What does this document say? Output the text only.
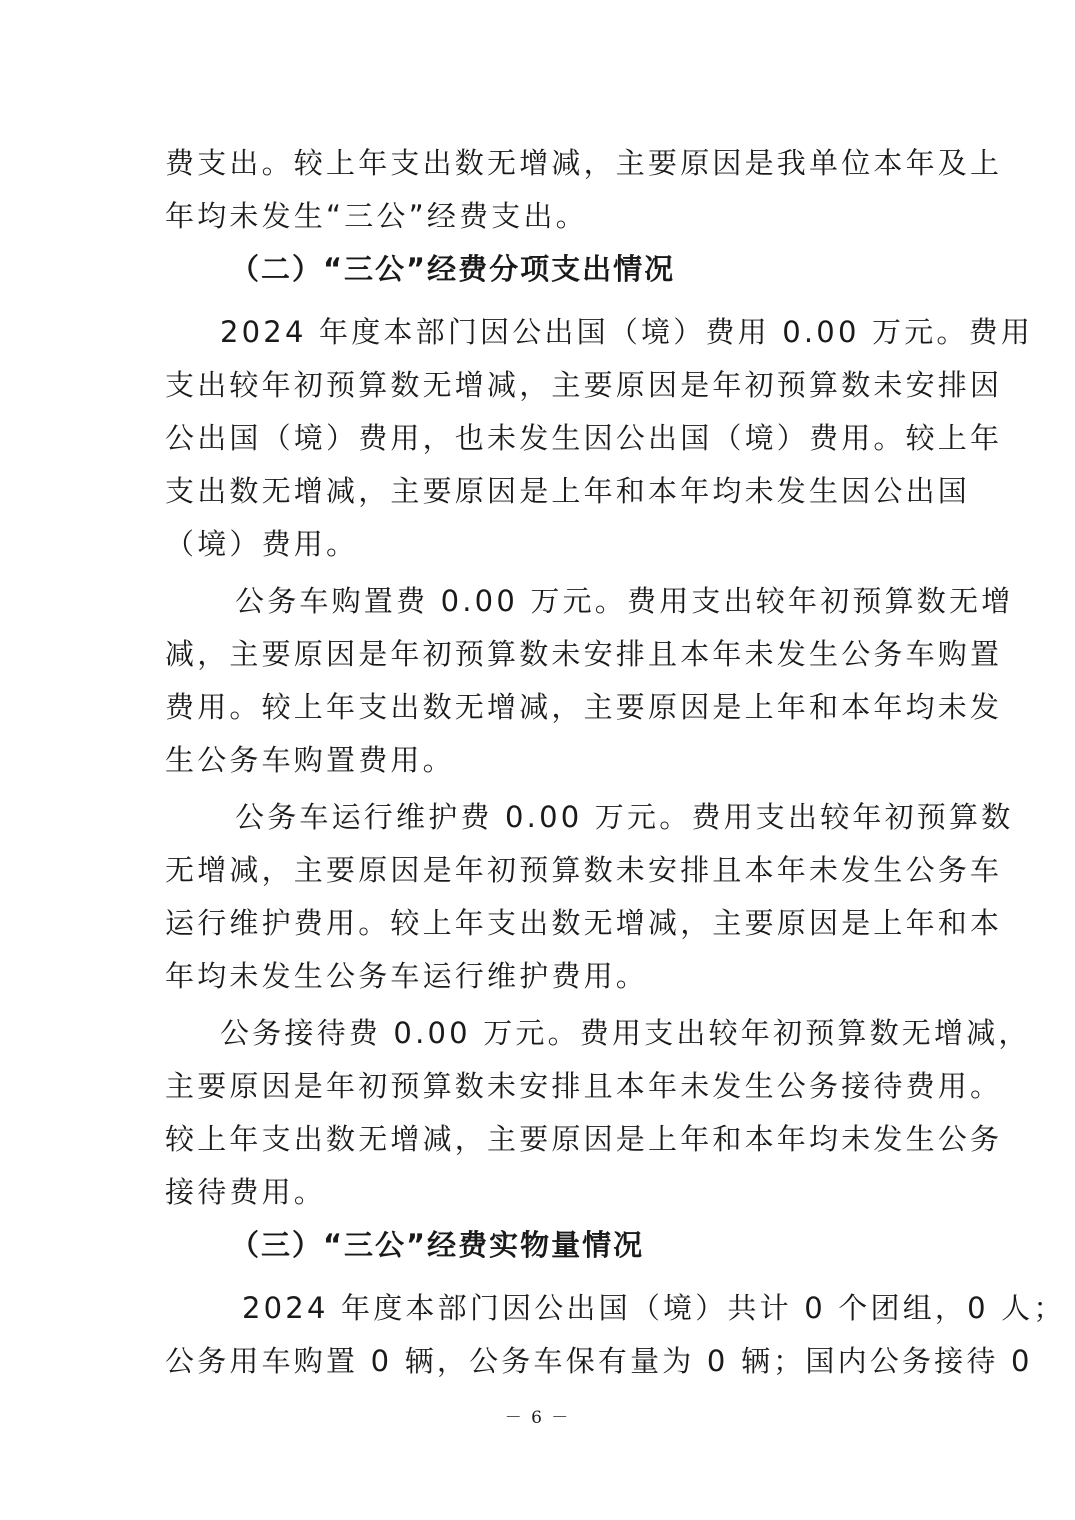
费支出。较上年支出数无增减，主要原因是我单位本年及上
年均未发生“三公”经费支出。
（二）“三公”经费分项支出情况
2024 年度本部门因公出国（境）费用 0.00 万元。费用
支出较年初预算数无增减，主要原因是年初预算数未安排因
公出国（境）费用，也未发生因公出国（境）费用。较上年
支出数无增减，主要原因是上年和本年均未发生因公出国
（境）费用。
公务车购置费 0.00 万元。费用支出较年初预算数无增
减，主要原因是年初预算数未安排且本年未发生公务车购置
费用。较上年支出数无增减，主要原因是上年和本年均未发
生公务车购置费用。
公务车运行维护费 0.00 万元。费用支出较年初预算数
无增减，主要原因是年初预算数未安排且本年未发生公务车
运行维护费用。较上年支出数无增减，主要原因是上年和本
年均未发生公务车运行维护费用。
公务接待费 0.00 万元。费用支出较年初预算数无增减，
主要原因是年初预算数未安排且本年未发生公务接待费用。
较上年支出数无增减，主要原因是上年和本年均未发生公务
接待费用。
（三）“三公”经费实物量情况
2024 年度本部门因公出国（境）共计 0 个团组，0 人；
公务用车购置 0 辆，公务车保有量为 0 辆；国内公务接待 0
－ 6 －
